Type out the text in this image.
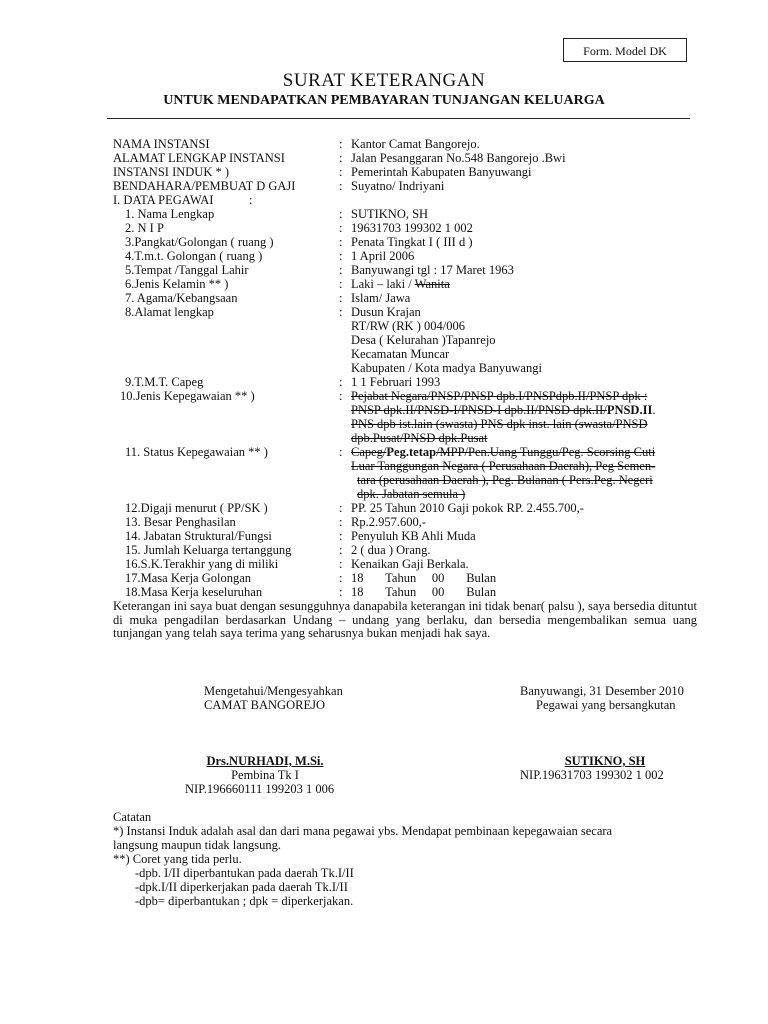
Form. Model DK
SURAT KETERANGAN
UNTUK MENDAPATKAN PEMBAYARAN TUNJANGAN KELUARGA
NAMA INSTANSI	: Kantor Camat Bangorejo.
ALAMAT LENGKAP INSTANSI	: Jalan Pesanggaran No.548 Bangorejo .Bwi
INSTANSI INDUK * )	: Pemerintah Kabupaten Banyuwangi
BENDAHARA/PEMBUAT D GAJI	: Suyatno/ Indriyani
I. DATA PEGAWAI	:
1. Nama Lengkap	: SUTIKNO, SH
2. N I P	: 19631703 199302 1 002
3.Pangkat/Golongan ( ruang )	: Penata Tingkat I ( III d )
4.T.m.t. Golongan ( ruang )	: 1 April 2006
5.Tempat /Tanggal Lahir	: Banyuwangi tgl : 17 Maret 1963
6.Jenis Kelamin ** )	: Laki – laki / Wanita
7. Agama/Kebangsaan	: Islam/ Jawa
8.Alamat lengkap	: Dusun Krajan
RT/RW (RK ) 004/006
Desa ( Kelurahan )Tapanrejo
Kecamatan Muncar
Kabupaten / Kota madya Banyuwangi
9.T.M.T. Capeg	: 1 1 Februari 1993
10.Jenis Kepegawaian ** )	: Pejabat Negara/PNSP/PNSP dpb.I/PNSPdpb.II/PNSP dpk :
PNSP dpk.II/PNSD-I/PNSD-I dpb.II/PNSD dpk.II/PNSD.II.
PNS dpb ist.lain (swasta) PNS dpk inst. lain (swasta/PNSD
dpb.Pusat/PNSD dpk.Pusat
11. Status Kepegawaian ** )	: Capeg/Peg.tetap/MPP/Pen.Uang Tunggu/Peg. Scorsing Cuti
Luar Tanggungan Negara ( Perusahaan Daerah), Peg Semen-
tara (perusahaan Daerah ), Peg. Bulanan ( Pers.Peg. Negeri
dpk. Jabatan semula )
12.Digaji menurut ( PP/SK )	: PP. 25 Tahun 2010 Gaji pokok RP. 2.455.700,-
13. Besar Penghasilan	: Rp.2.957.600,-
14. Jabatan Struktural/Fungsi	: Penyuluh KB Ahli Muda
15. Jumlah Keluarga tertanggung	: 2 ( dua ) Orang.
16.S.K.Terakhir yang di miliki	: Kenaikan Gaji Berkala.
17.Masa Kerja Golongan	: 18       Tahun     00       Bulan
18.Masa Kerja keseluruhan	: 18       Tahun     00       Bulan
Keterangan ini saya buat dengan sesungguhnya danapabila keterangan ini tidak benar( palsu ), saya bersedia dituntut di muka pengadilan berdasarkan Undang – undang yang berlaku, dan bersedia mengembalikan semua uang tunjangan yang telah saya terima yang seharusnya bukan menjadi hak saya.
Mengetahui/Mengesyahkan
CAMAT BANGOREJO
Banyuwangi, 31 Desember 2010
Pegawai yang bersangkutan
Drs.NURHADI, M.Si.
Pembina Tk I
NIP.196660111 199203 1 006
SUTIKNO, SH
NIP.19631703 199302 1 002
Catatan
*) Instansi Induk adalah asal dan dari mana pegawai ybs. Mendapat pembinaan kepegawaian secara
langsung maupun tidak langsung.
**) Coret yang tida perlu.
-dpb. I/II diperbantukan pada daerah Tk.I/II
-dpk.I/II diperkerjakan pada daerah Tk.I/II
-dpb= diperbantukan ; dpk = diperkerjakan.
